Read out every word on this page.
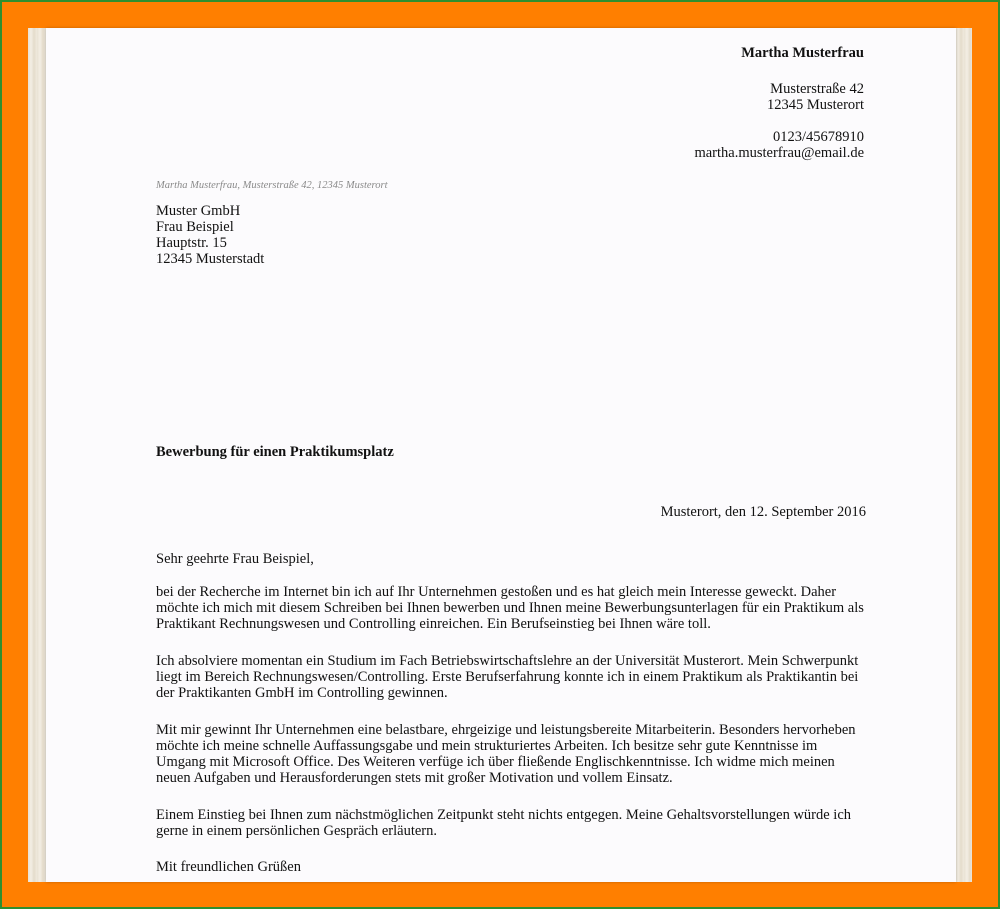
Martha Musterfrau
Musterstraße 42
12345 Musterort
0123/45678910
martha.musterfrau@email.de
Martha Musterfrau, Musterstraße 42, 12345 Musterort
Muster GmbH
Frau Beispiel
Hauptstr. 15
12345 Musterstadt
Bewerbung für einen Praktikumsplatz
Musterort, den 12. September 2016
Sehr geehrte Frau Beispiel,

bei der Recherche im Internet bin ich auf Ihr Unternehmen gestoßen und es hat gleich mein Interesse geweckt. Daher möchte ich mich mit diesem Schreiben bei Ihnen bewerben und Ihnen meine Bewerbungsunterlagen für ein Praktikum als Praktikant Rechnungswesen und Controlling einreichen. Ein Berufseinstieg bei Ihnen wäre toll.

Ich absolviere momentan ein Studium im Fach Betriebswirtschaftslehre an der Universität Musterort. Mein Schwerpunkt liegt im Bereich Rechnungswesen/Controlling. Erste Berufserfahrung konnte ich in einem Praktikum als Praktikantin bei der Praktikanten GmbH im Controlling gewinnen.

Mit mir gewinnt Ihr Unternehmen eine belastbare, ehrgeizige und leistungsbereite Mitarbeiterin. Besonders hervorheben möchte ich meine schnelle Auffassungsgabe und mein strukturiertes Arbeiten. Ich besitze sehr gute Kenntnisse im Umgang mit Microsoft Office. Des Weiteren verfüge ich über fließende Englischkenntnisse. Ich widme mich meinen neuen Aufgaben und Herausforderungen stets mit großer Motivation und vollem Einsatz.

Einem Einstieg bei Ihnen zum nächstmöglichen Zeitpunkt steht nichts entgegen. Meine Gehaltsvorstellungen würde ich gerne in einem persönlichen Gespräch erläutern.

Mit freundlichen Grüßen
